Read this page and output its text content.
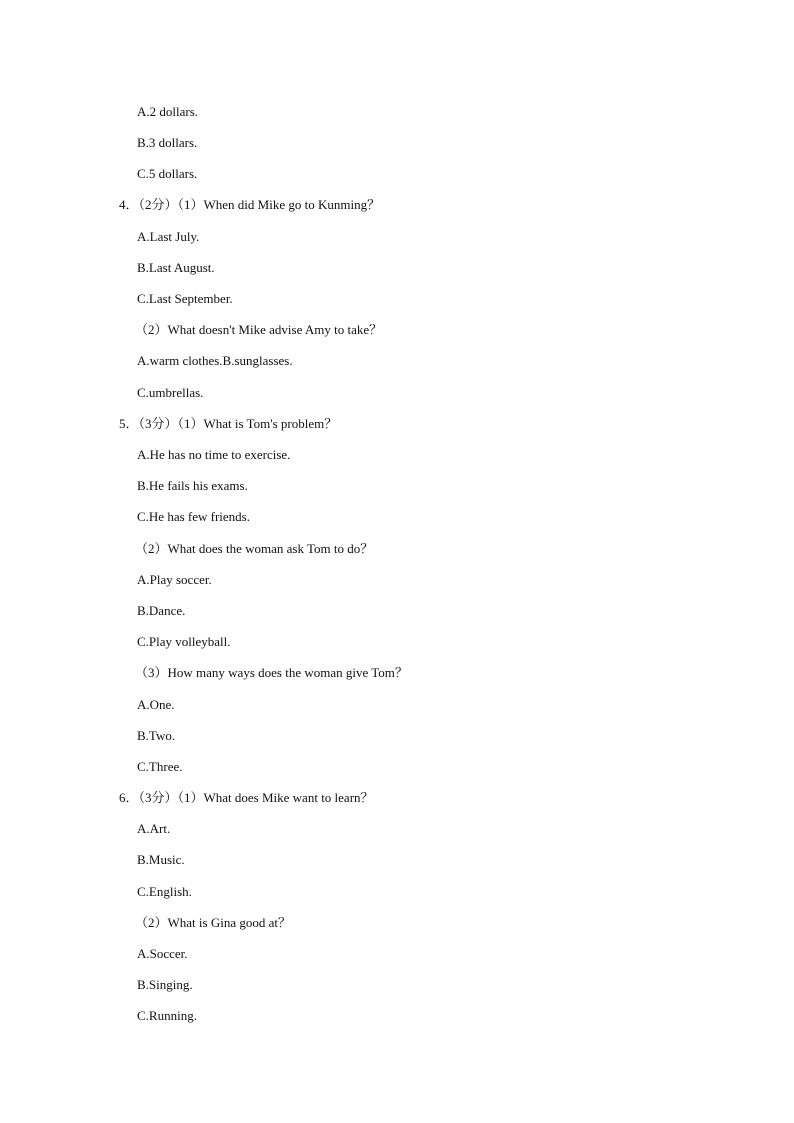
A.2 dollars.
B.3 dollars.
C.5 dollars.
4．（2分）（1）When did Mike go to Kunming？
A.Last July.
B.Last August.
C.Last September.
（2）What doesn't Mike advise Amy to take？
A.warm clothes.B.sunglasses.
C.umbrellas.
5．（3分）（1）What is Tom's problem？
A.He has no time to exercise.
B.He fails his exams.
C.He has few friends.
（2）What does the woman ask Tom to do？
A.Play soccer.
B.Dance.
C.Play volleyball.
（3）How many ways does the woman give Tom？
A.One.
B.Two.
C.Three.
6．（3分）（1）What does Mike want to learn？
A.Art.
B.Music.
C.English.
（2）What is Gina good at？
A.Soccer.
B.Singing.
C.Running.
